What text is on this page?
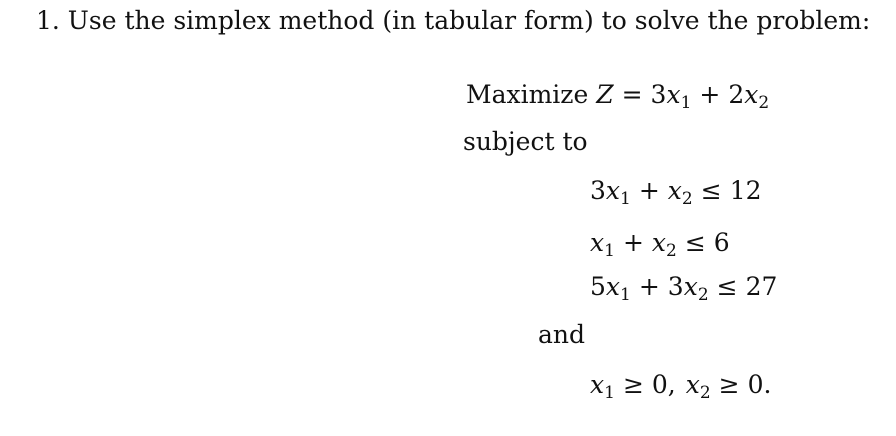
1. Use the simplex method (in tabular form) to solve the problem:
Maximize $Z = 3x_1 + 2x_2$
subject to
$3x_1 + x_2 \le 12$
$x_1 + x_2 \le 6$
$5x_1 + 3x_2 \le 27$
and
$x_1 \ge 0$, $x_2 \ge 0$.
